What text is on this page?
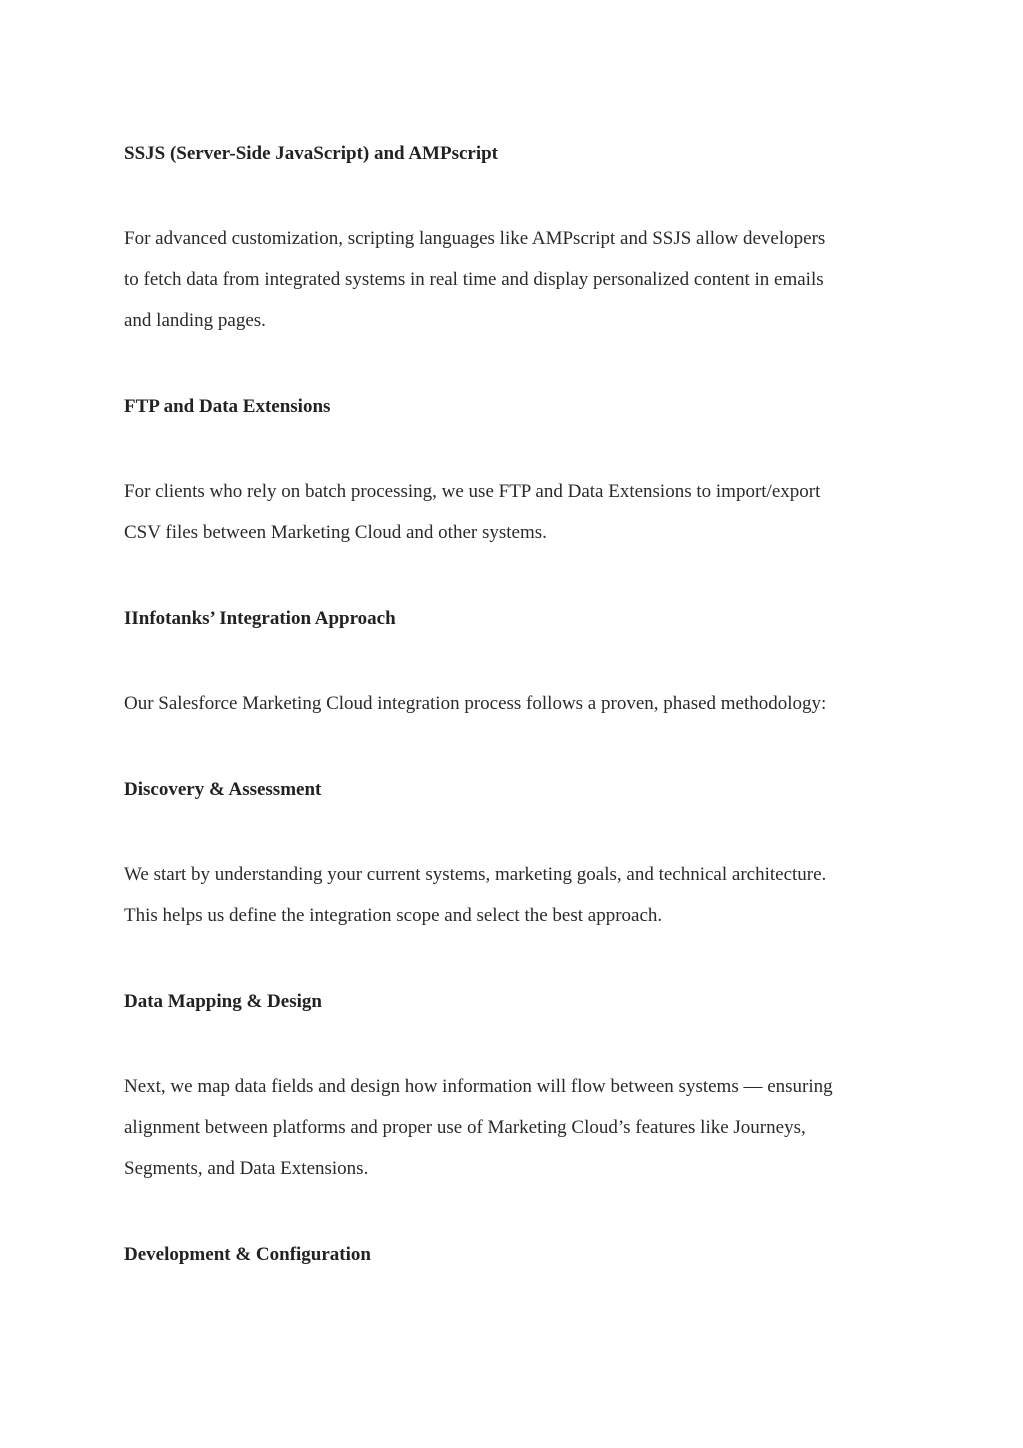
SSJS (Server-Side JavaScript) and AMPscript
For advanced customization, scripting languages like AMPscript and SSJS allow developers
to fetch data from integrated systems in real time and display personalized content in emails
and landing pages.
FTP and Data Extensions
For clients who rely on batch processing, we use FTP and Data Extensions to import/export
CSV files between Marketing Cloud and other systems.
IInfotanks’ Integration Approach
Our Salesforce Marketing Cloud integration process follows a proven, phased methodology:
Discovery & Assessment
We start by understanding your current systems, marketing goals, and technical architecture.
This helps us define the integration scope and select the best approach.
Data Mapping & Design
Next, we map data fields and design how information will flow between systems — ensuring
alignment between platforms and proper use of Marketing Cloud’s features like Journeys,
Segments, and Data Extensions.
Development & Configuration
